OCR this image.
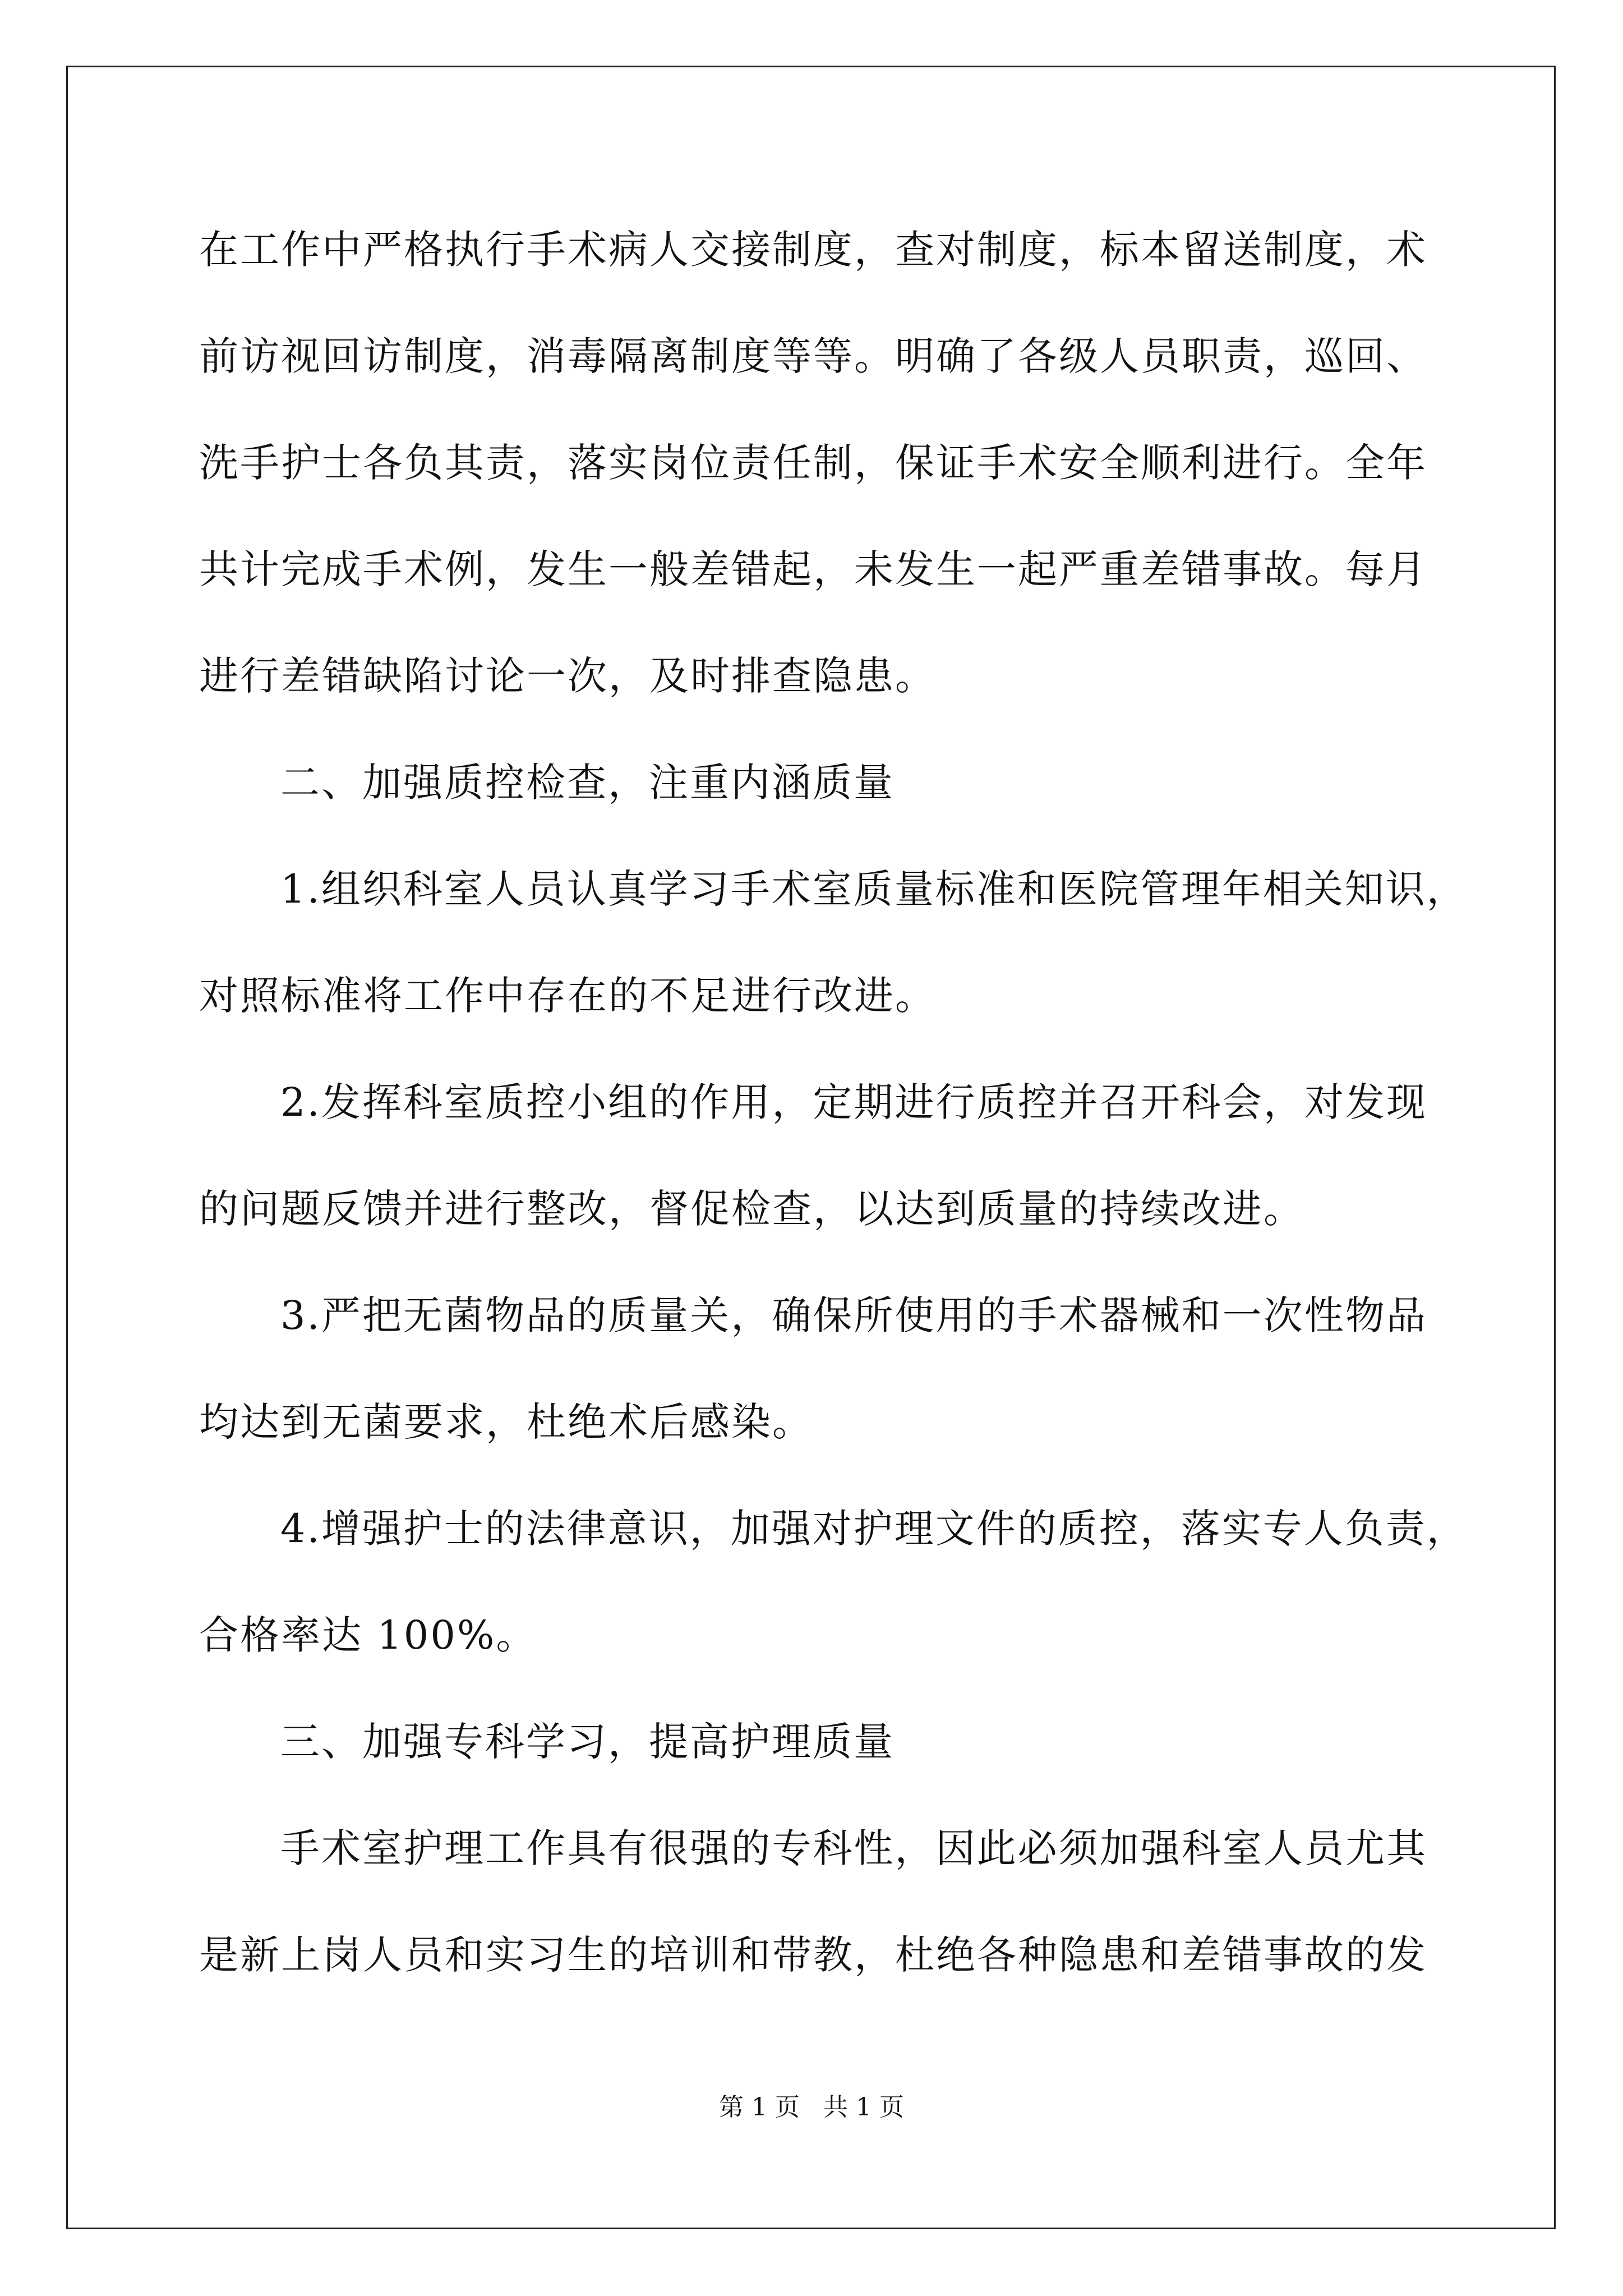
在工作中严格执行手术病人交接制度，查对制度，标本留送制度，术
前访视回访制度，消毒隔离制度等等。明确了各级人员职责，巡回、
洗手护士各负其责，落实岗位责任制，保证手术安全顺利进行。全年
共计完成手术例，发生一般差错起，未发生一起严重差错事故。每月
进行差错缺陷讨论一次，及时排查隐患。
二、加强质控检查，注重内涵质量
1.组织科室人员认真学习手术室质量标准和医院管理年相关知识，
对照标准将工作中存在的不足进行改进。
2.发挥科室质控小组的作用，定期进行质控并召开科会，对发现
的问题反馈并进行整改，督促检查，以达到质量的持续改进。
3.严把无菌物品的质量关，确保所使用的手术器械和一次性物品
均达到无菌要求，杜绝术后感染。
4.增强护士的法律意识，加强对护理文件的质控，落实专人负责，
合格率达 100%。
三、加强专科学习，提高护理质量
手术室护理工作具有很强的专科性，因此必须加强科室人员尤其
是新上岗人员和实习生的培训和带教，杜绝各种隐患和差错事故的发
第 1 页 共 1 页
